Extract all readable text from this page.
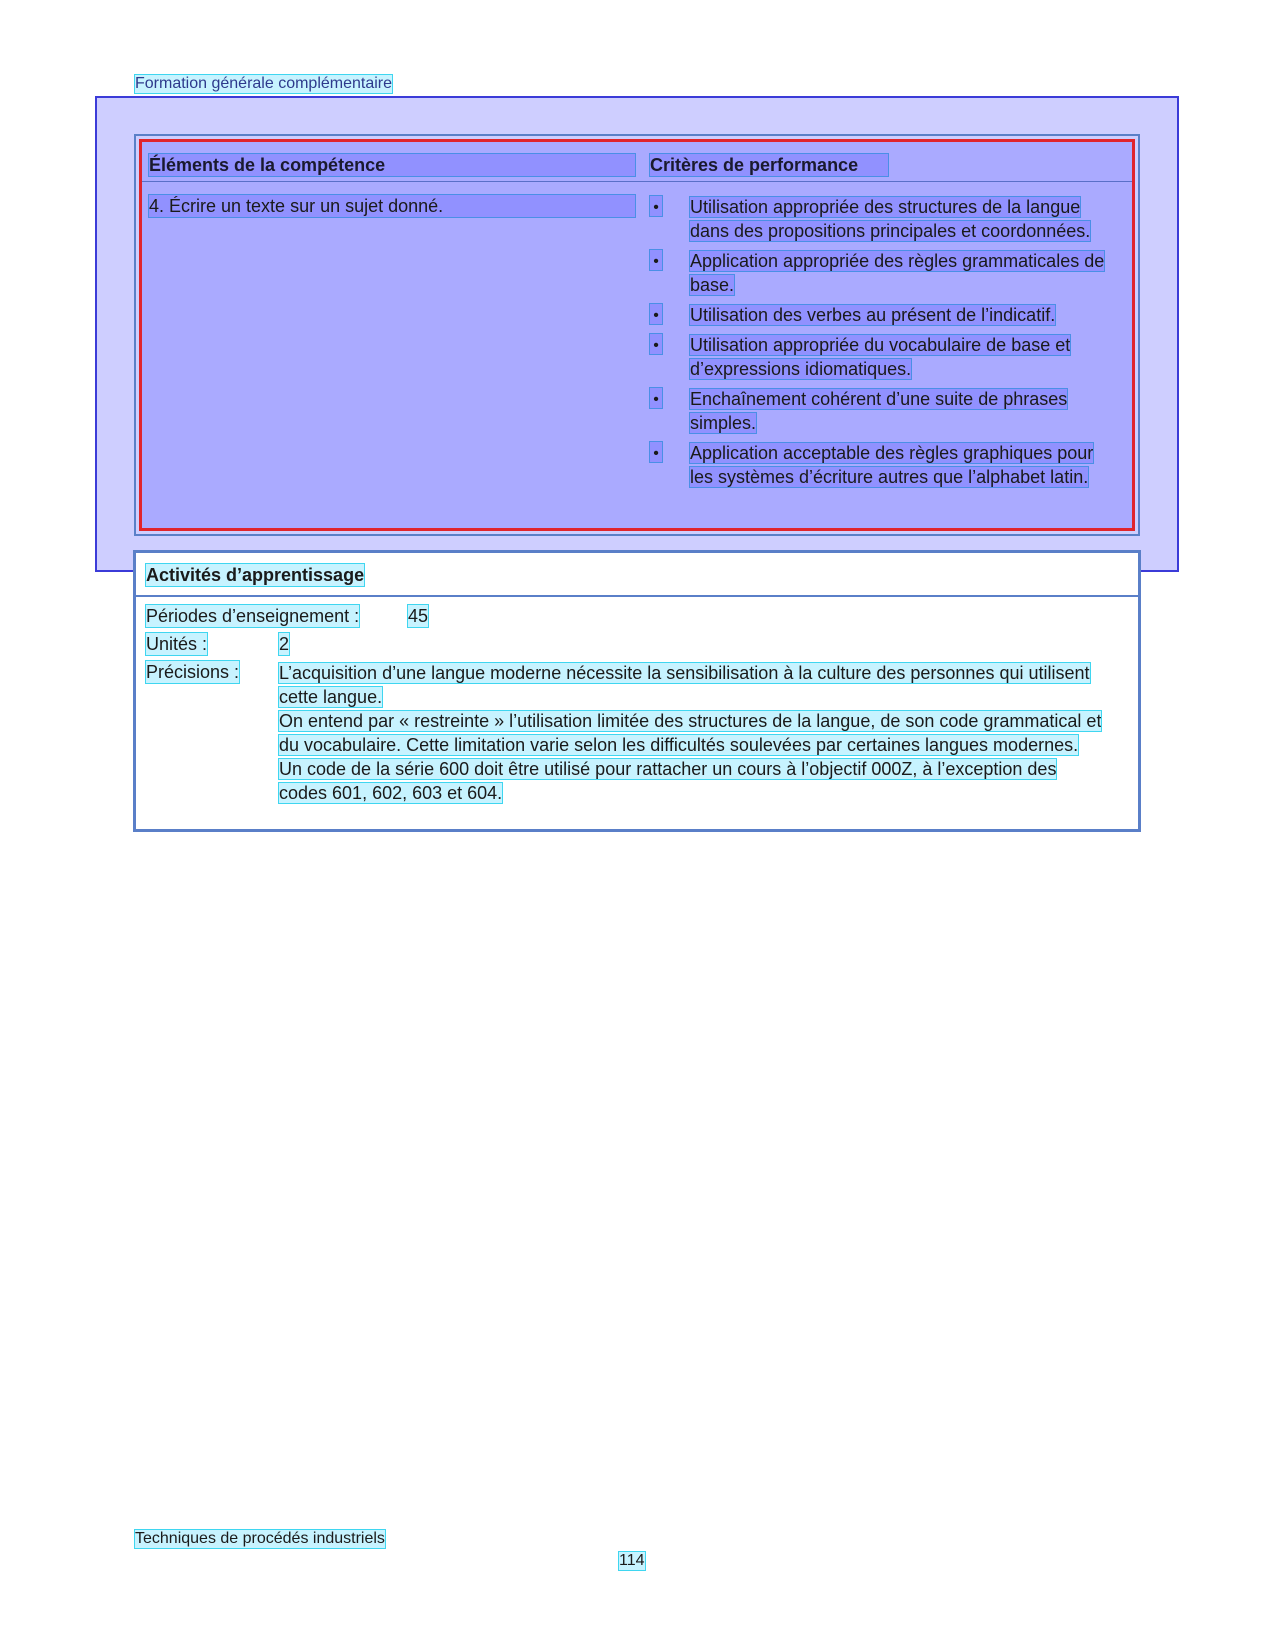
Formation générale complémentaire
Éléments de la compétence	Critères de performance
4. Écrire un texte sur un sujet donné.	• Utilisation appropriée des structures de la langue dans des propositions principales et coordonnées.
• Application appropriée des règles grammaticales de base.
• Utilisation des verbes au présent de l’indicatif.
• Utilisation appropriée du vocabulaire de base et d’expressions idiomatiques.
• Enchaînement cohérent d’une suite de phrases simples.
• Application acceptable des règles graphiques pour les systèmes d’écriture autres que l’alphabet latin.
Activités d’apprentissage
Périodes d’enseignement :	45
Unités :	2
Précisions : L’acquisition d’une langue moderne nécessite la sensibilisation à la culture des personnes qui utilisent cette langue.

On entend par « restreinte » l’utilisation limitée des structures de la langue, de son code grammatical et du vocabulaire. Cette limitation varie selon les difficultés soulevées par certaines langues modernes.

Un code de la série 600 doit être utilisé pour rattacher un cours à l’objectif 000Z, à l’exception des codes 601, 602, 603 et 604.

Techniques de procédés industriels
114
